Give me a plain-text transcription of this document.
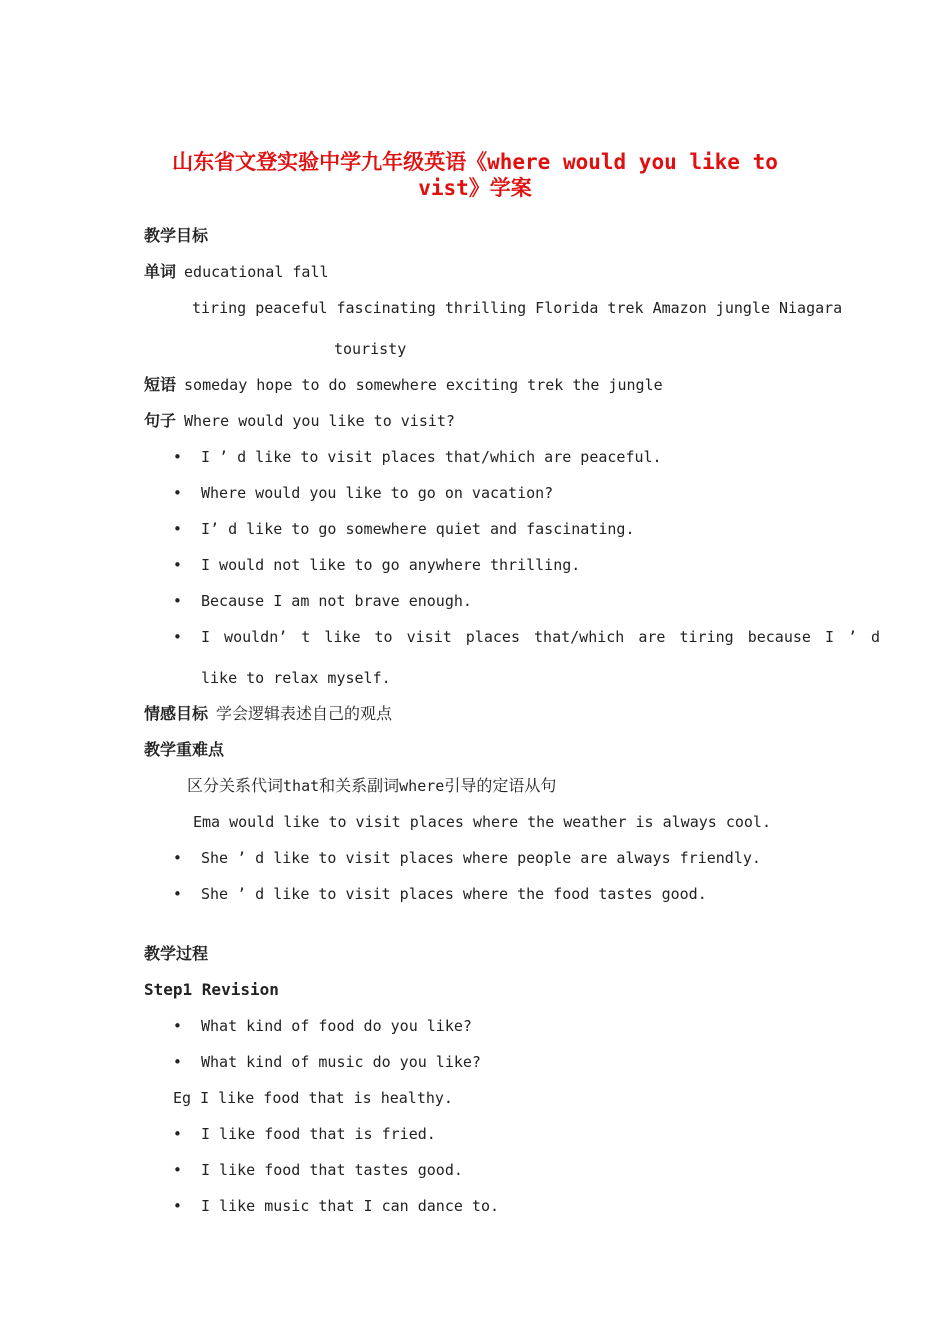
山东省文登实验中学九年级英语《where would you like to
vist》学案
教学目标
单词 educational fall
tiring peaceful fascinating thrilling Florida trek Amazon jungle Niagara
touristy
短语 someday hope to do somewhere exciting trek the jungle
句子 Where would you like to visit?
• I ’ d like to visit places that/which are peaceful.
• Where would you like to go on vacation?
• I’ d like to go somewhere quiet and fascinating.
• I would not like to go anywhere thrilling.
• Because I am not brave enough.
• I wouldn’ t like to visit places that/which are tiring because I ’ d
like to relax myself.
情感目标 学会逻辑表述自己的观点
教学重难点
区分关系代词that和关系副词where引导的定语从句
Ema would like to visit places where the weather is always cool.
• She ’ d like to visit places where people are always friendly.
• She ’ d like to visit places where the food tastes good.
教学过程
Step1 Revision
• What kind of food do you like?
• What kind of music do you like?
Eg I like food that is healthy.
• I like food that is fried.
• I like food that tastes good.
• I like music that I can dance to.
